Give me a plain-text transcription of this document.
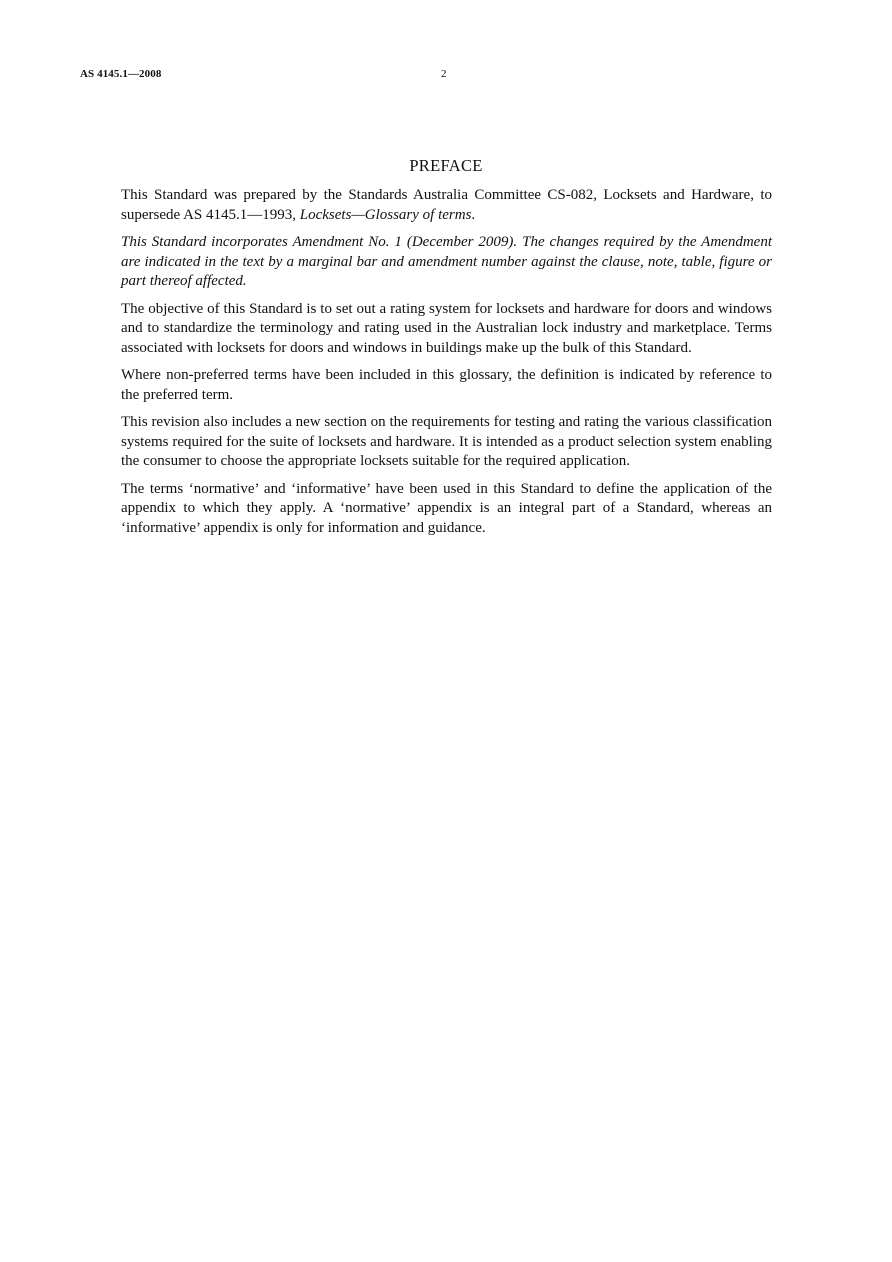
AS 4145.1—2008	2
PREFACE

This Standard was prepared by the Standards Australia Committee CS-082, Locksets and Hardware, to supersede AS 4145.1—1993, Locksets—Glossary of terms.

This Standard incorporates Amendment No. 1 (December 2009). The changes required by the Amendment are indicated in the text by a marginal bar and amendment number against the clause, note, table, figure or part thereof affected.

The objective of this Standard is to set out a rating system for locksets and hardware for doors and windows and to standardize the terminology and rating used in the Australian lock industry and marketplace. Terms associated with locksets for doors and windows in buildings make up the bulk of this Standard.

Where non-preferred terms have been included in this glossary, the definition is indicated by reference to the preferred term.

This revision also includes a new section on the requirements for testing and rating the various classification systems required for the suite of locksets and hardware. It is intended as a product selection system enabling the consumer to choose the appropriate locksets suitable for the required application.

The terms ‘normative’ and ‘informative’ have been used in this Standard to define the application of the appendix to which they apply. A ‘normative’ appendix is an integral part of a Standard, whereas an ‘informative’ appendix is only for information and guidance.
